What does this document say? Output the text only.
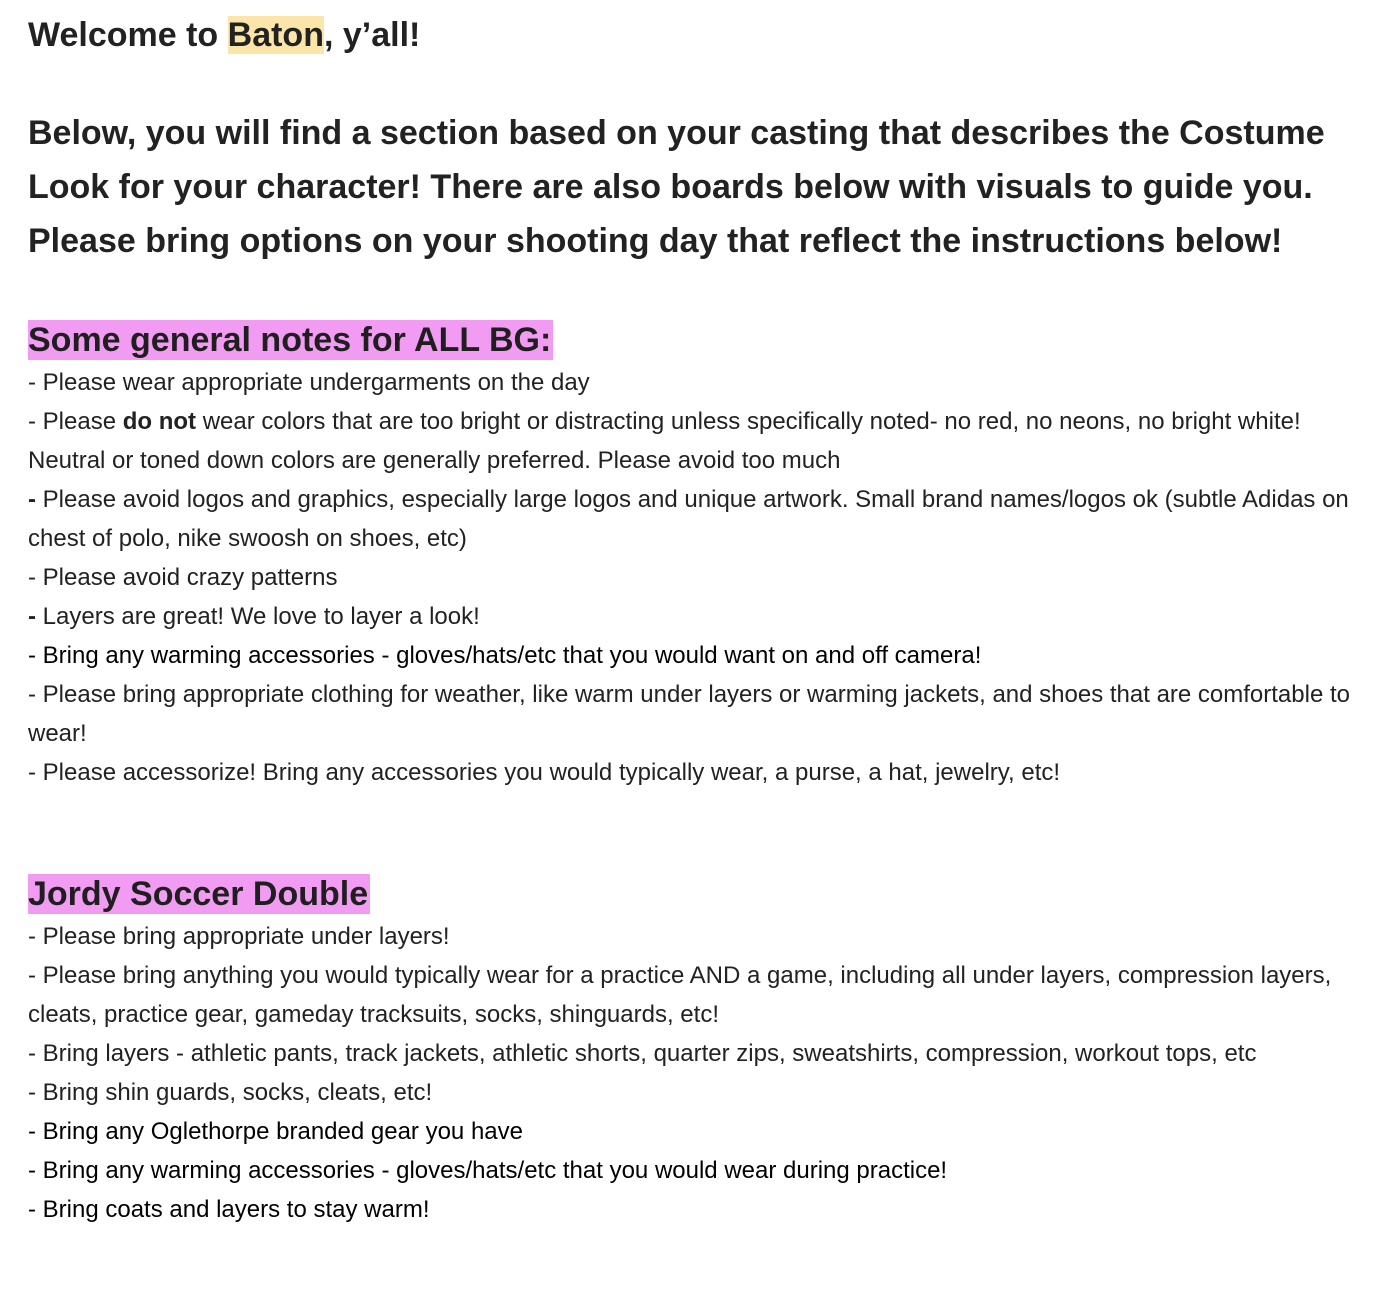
Welcome to Baton, y’all!

Below, you will find a section based on your casting that describes the Costume Look for your character! There are also boards below with visuals to guide you. Please bring options on your shooting day that reflect the instructions below!

Some general notes for ALL BG:
- Please wear appropriate undergarments on the day
- Please do not wear colors that are too bright or distracting unless specifically noted- no red, no neons, no bright white! Neutral or toned down colors are generally preferred. Please avoid too much
- Please avoid logos and graphics, especially large logos and unique artwork. Small brand names/logos ok (subtle Adidas on chest of polo, nike swoosh on shoes, etc)
- Please avoid crazy patterns
- Layers are great! We love to layer a look!
- Bring any warming accessories - gloves/hats/etc that you would want on and off camera!
- Please bring appropriate clothing for weather, like warm under layers or warming jackets, and shoes that are comfortable to wear!
- Please accessorize! Bring any accessories you would typically wear, a purse, a hat, jewelry, etc!
Jordy Soccer Double
- Please bring appropriate under layers!
- Please bring anything you would typically wear for a practice AND a game, including all under layers, compression layers, cleats, practice gear, gameday tracksuits, socks, shinguards, etc!
- Bring layers - athletic pants, track jackets, athletic shorts, quarter zips, sweatshirts, compression, workout tops, etc
- Bring shin guards, socks, cleats, etc!
- Bring any Oglethorpe branded gear you have
- Bring any warming accessories - gloves/hats/etc that you would wear during practice!
- Bring coats and layers to stay warm!
